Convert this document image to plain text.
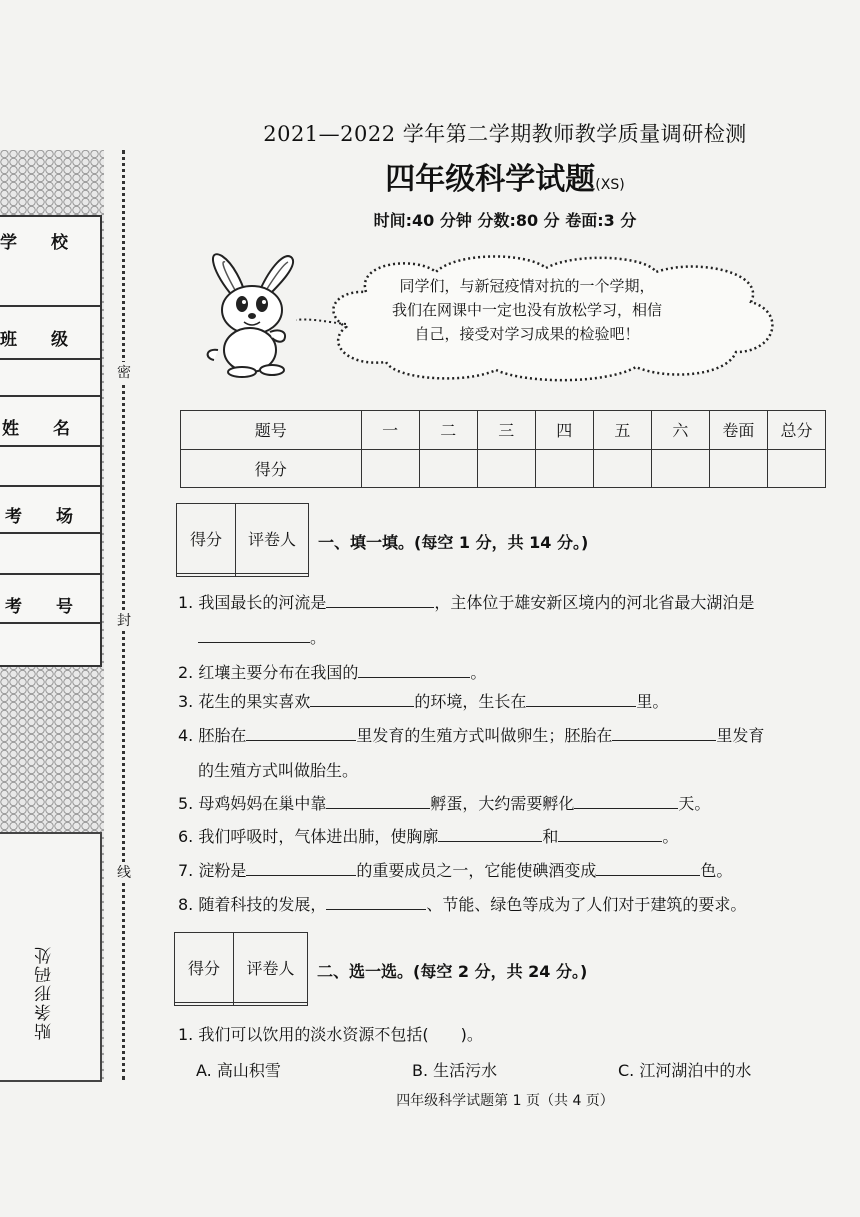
学　　校
班　　级
姓　　名
考　　场
考　　号
贴条形码处
密
封
线
2021—2022 学年第二学期教师教学质量调研检测
四年级科学试题(XS)
时间:40 分钟 分数:80 分 卷面:3 分
同学们，与新冠疫情对抗的一个学期，
我们在网课中一定也没有放松学习，相信
自己，接受对学习成果的检验吧！
题号	一	二	三	四	五	六	卷面	总分
得分								
得分	评卷人
	一、填一填。(每空 1 分，共 14 分。)
1. 我国最长的河流是	，主体位于雄安新区境内的河北省最大湖泊是
。
2. 红壤主要分布在我国的	。
3. 花生的果实喜欢	的环境，生长在	里。
4. 胚胎在	里发育的生殖方式叫做卵生；胚胎在	里发育
的生殖方式叫做胎生。
5. 母鸡妈妈在巢中靠	孵蛋，大约需要孵化	天。
6. 我们呼吸时，气体进出肺，使胸廓	和	。
7. 淀粉是	的重要成员之一，它能使碘酒变成	色。
8. 随着科技的发展，	、节能、绿色等成为了人们对于建筑的要求。
得分	评卷人
	二、选一选。(每空 2 分，共 24 分。)
1. 我们可以饮用的淡水资源不包括(　　)。
A. 高山积雪	B. 生活污水	C. 江河湖泊中的水
四年级科学试题第 1 页（共 4 页）
